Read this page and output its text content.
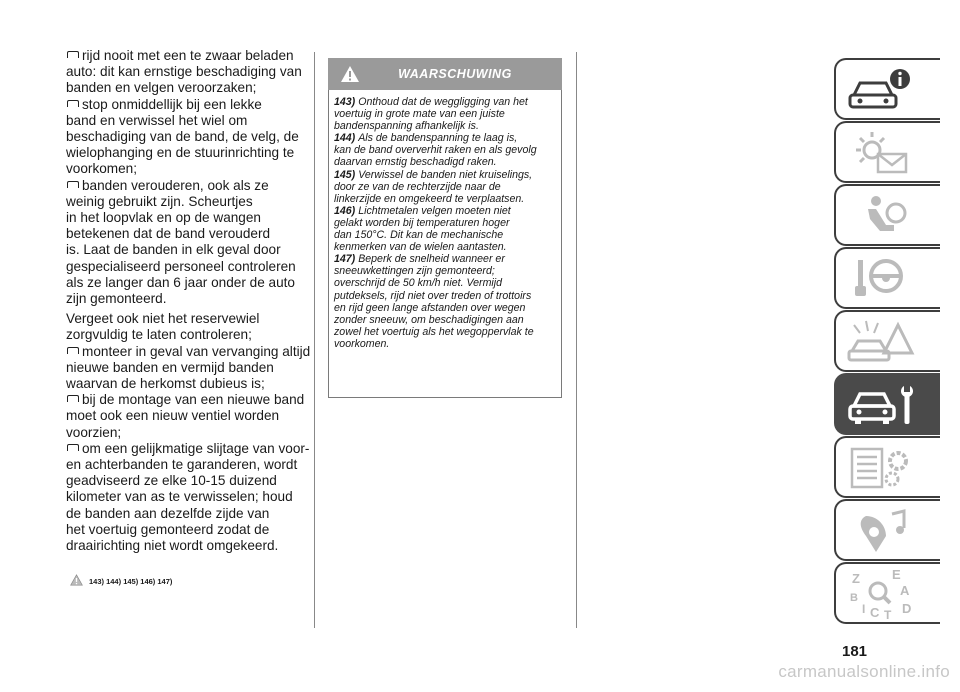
rijd nooit met een te zwaar beladen
auto: dit kan ernstige beschadiging van
banden en velgen veroorzaken;
stop onmiddellijk bij een lekke
band en verwissel het wiel om
beschadiging van de band, de velg, de
wielophanging en de stuurinrichting te
voorkomen;
banden verouderen, ook als ze
weinig gebruikt zijn. Scheurtjes
in het loopvlak en op de wangen
betekenen dat de band verouderd
is. Laat de banden in elk geval door
gespecialiseerd personeel controleren
als ze langer dan 6 jaar onder de auto
zijn gemonteerd.
Vergeet ook niet het reservewiel
zorgvuldig te laten controleren;
monteer in geval van vervanging altijd
nieuwe banden en vermijd banden
waarvan de herkomst dubieus is;
bij de montage van een nieuwe band
moet ook een nieuw ventiel worden
voorzien;
om een gelijkmatige slijtage van voor-
en achterbanden te garanderen, wordt
geadviseerd ze elke 10-15 duizend
kilometer van as te verwisselen; houd
de banden aan dezelfde zijde van
het voertuig gemonteerd zodat de
draairichting niet wordt omgekeerd.
143) 144) 145) 146) 147)
WAARSCHUWING
143) Onthoud dat de weggligging van het
voertuig in grote mate van een juiste
bandenspanning afhankelijk is.
144) Als de bandenspanning te laag is,
kan de band oververhit raken en als gevolg
daarvan ernstig beschadigd raken.
145) Verwissel de banden niet kruiselings,
door ze van de rechterzijde naar de
linkerzijde en omgekeerd te verplaatsen.
146) Lichtmetalen velgen moeten niet
gelakt worden bij temperaturen hoger
dan 150°C. Dit kan de mechanische
kenmerken van de wielen aantasten.
147) Beperk de snelheid wanneer er
sneeuwkettingen zijn gemonteerd;
overschrijd de 50 km/h niet. Vermijd
putdeksels, rijd niet over treden of trottoirs
en rijd geen lange afstanden over wegen
zonder sneeuw, om beschadigingen aan
zowel het voertuig als het wegoppervlak te
voorkomen.
Z E
A
B
I C D
T
181
carmanualsonline.info
